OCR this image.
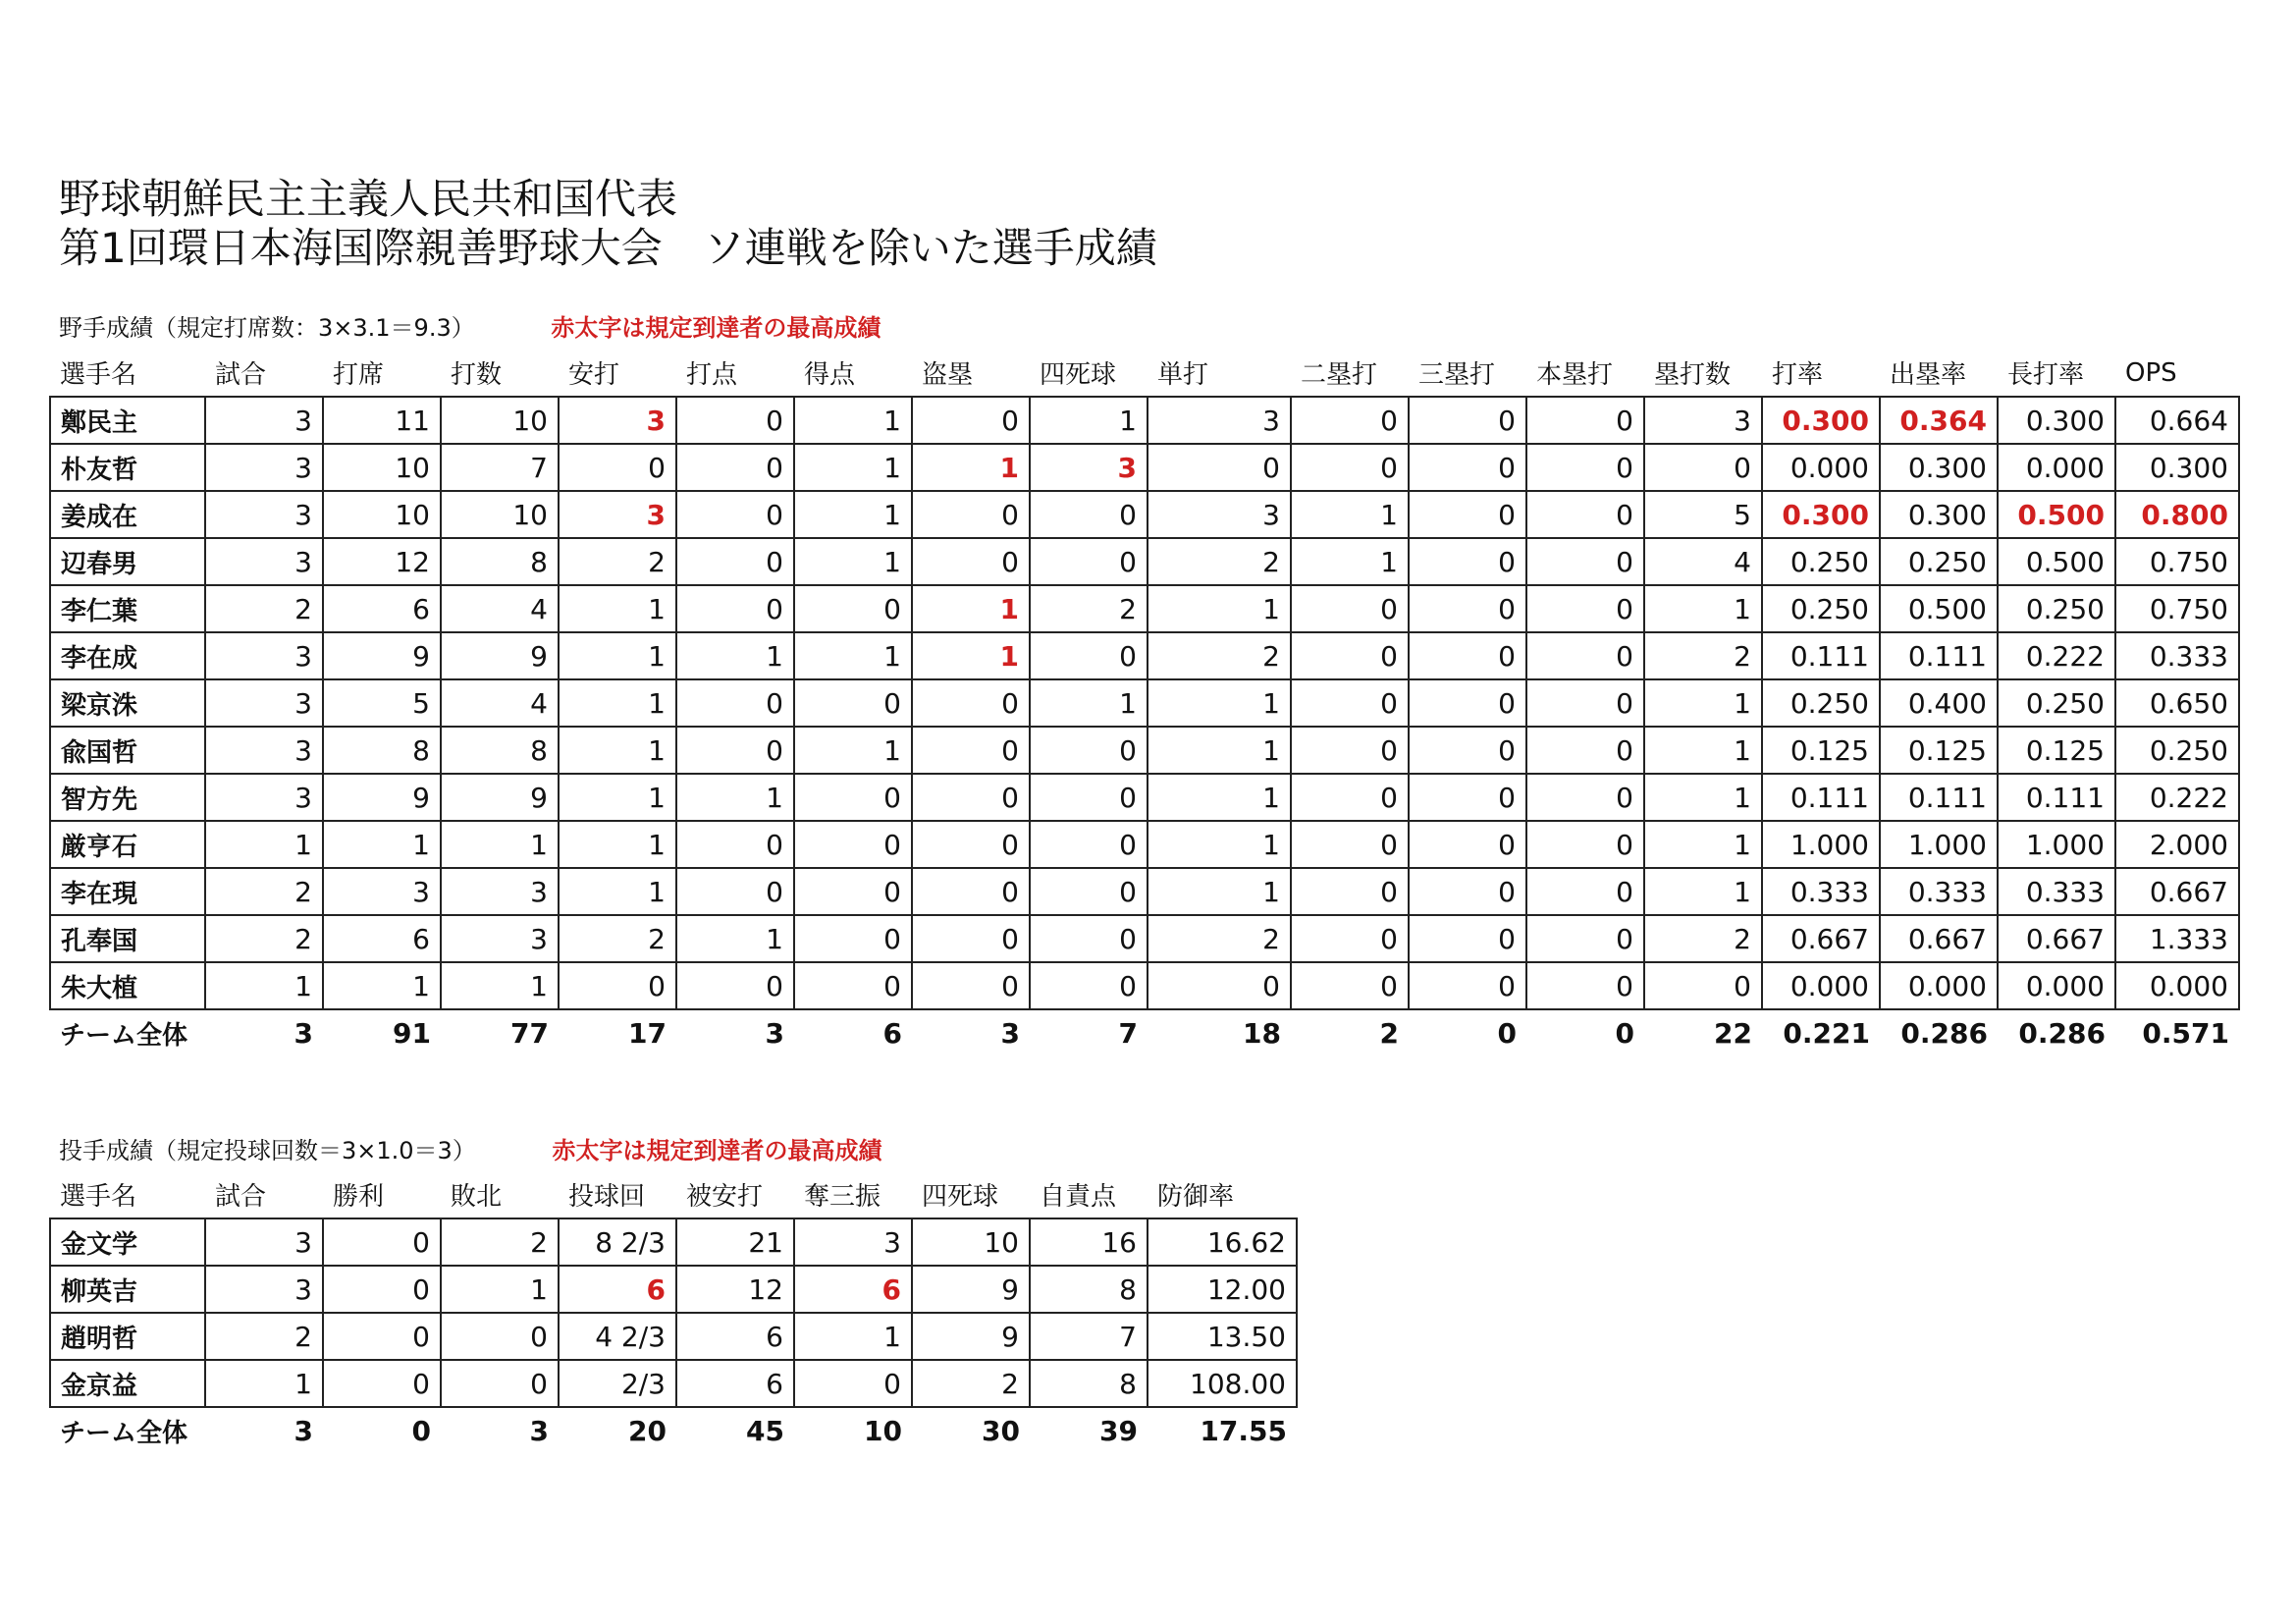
野球朝鮮民主主義人民共和国代表
第1回環日本海国際親善野球大会　ソ連戦を除いた選手成績
野手成績（規定打席数：3×3.1＝9.3）	赤太字は規定到達者の最高成績
選手名	試合	打席	打数	安打	打点	得点	盗塁	四死球	単打	二塁打	三塁打	本塁打	塁打数	打率	出塁率	長打率	OPS
鄭民主	3	11	10	3	0	1	0	1	3	0	0	0	3	0.300	0.364	0.300	0.664
朴友哲	3	10	7	0	0	1	1	3	0	0	0	0	0	0.000	0.300	0.000	0.300
姜成在	3	10	10	3	0	1	0	0	3	1	0	0	5	0.300	0.300	0.500	0.800
辺春男	3	12	8	2	0	1	0	0	2	1	0	0	4	0.250	0.250	0.500	0.750
李仁葉	2	6	4	1	0	0	1	2	1	0	0	0	1	0.250	0.500	0.250	0.750
李在成	3	9	9	1	1	1	1	0	2	0	0	0	2	0.111	0.111	0.222	0.333
梁京洙	3	5	4	1	0	0	0	1	1	0	0	0	1	0.250	0.400	0.250	0.650
兪国哲	3	8	8	1	0	1	0	0	1	0	0	0	1	0.125	0.125	0.125	0.250
智方先	3	9	9	1	1	0	0	0	1	0	0	0	1	0.111	0.111	0.111	0.222
厳亨石	1	1	1	1	0	0	0	0	1	0	0	0	1	1.000	1.000	1.000	2.000
李在現	2	3	3	1	0	0	0	0	1	0	0	0	1	0.333	0.333	0.333	0.667
孔奉国	2	6	3	2	1	0	0	0	2	0	0	0	2	0.667	0.667	0.667	1.333
朱大植	1	1	1	0	0	0	0	0	0	0	0	0	0	0.000	0.000	0.000	0.000
チーム全体	3	91	77	17	3	6	3	7	18	2	0	0	22	0.221	0.286	0.286	0.571
投手成績（規定投球回数＝3×1.0＝3）	赤太字は規定到達者の最高成績
選手名	試合	勝利	敗北	投球回	被安打	奪三振	四死球	自責点	防御率
金文学	3	0	2	8 2/3	21	3	10	16	16.62
柳英吉	3	0	1	6	12	6	9	8	12.00
趙明哲	2	0	0	4 2/3	6	1	9	7	13.50
金京益	1	0	0	2/3	6	0	2	8	108.00
チーム全体	3	0	3	20	45	10	30	39	17.55
